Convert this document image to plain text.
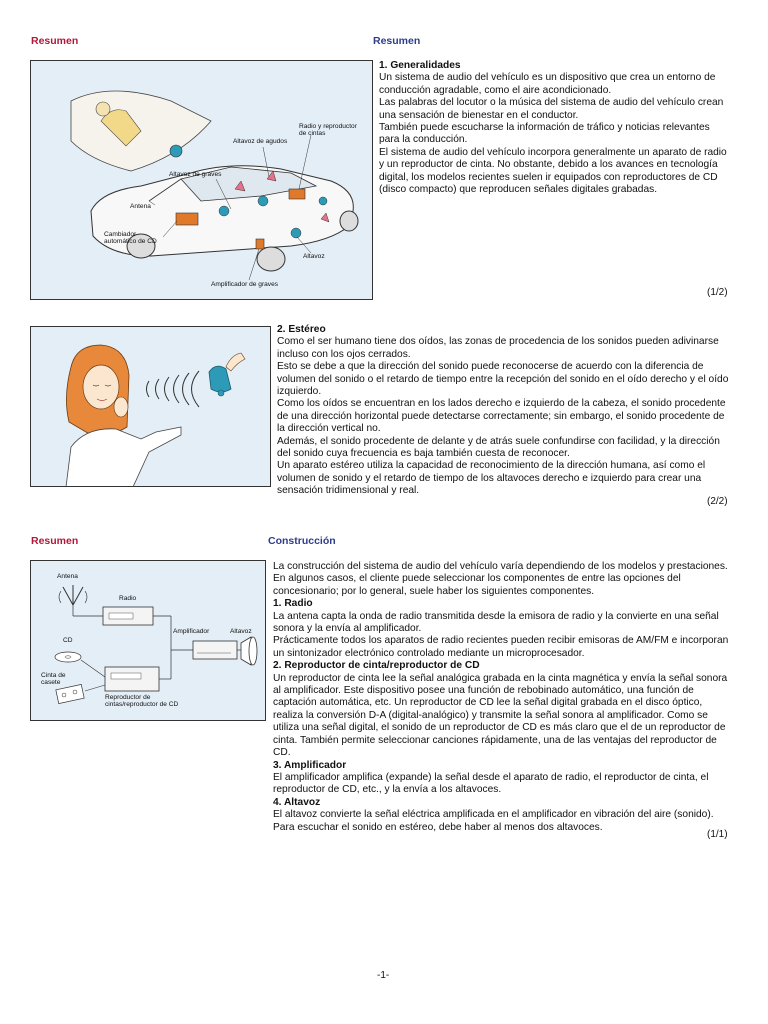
Resumen	Resumen
Radio y reproductor
de cintas
Altavoz de agudos
Altavoz de graves
Antena
Cambiador
automático de CD
Altavoz
Amplificador de graves

1. Generalidades

Un sistema de audio del vehículo es un dispositivo que crea un entorno de conducción agradable, como el aire acondicionado.

Las palabras del locutor o la música del sistema de audio del vehículo crean una sensación de bienestar en el conductor.

También puede escucharse la información de tráfico y noticias relevantes para la conducción.

El sistema de audio del vehículo incorpora generalmente un aparato de radio y un reproductor de cinta. No obstante, debido a los avances en tecnología digital, los modelos recientes suelen ir equipados con reproductores de CD (disco compacto) que reproducen señales digitales grabadas.

(1/2)

2. Estéreo

Como el ser humano tiene dos oídos, las zonas de procedencia de los sonidos pueden adivinarse incluso con los ojos cerrados.

Esto se debe a que la dirección del sonido puede reconocerse de acuerdo con la diferencia de volumen del sonido o el retardo de tiempo entre la recepción del sonido en el oído derecho y el oído izquierdo.

Como los oídos se encuentran en los lados derecho e izquierdo de la cabeza, el sonido procedente de una dirección horizontal puede detectarse correctamente; sin embargo, el sonido procedente de la dirección vertical no.

Además, el sonido procedente de delante y de atrás suele confundirse con facilidad, y la dirección del sonido cuya frecuencia es baja también cuesta de reconocer.

Un aparato estéreo utiliza la capacidad de reconocimiento de la dirección humana, así como el volumen de sonido y el retardo de tiempo de los altavoces derecho e izquierdo para crear una sensación tridimensional y real.

(2/2)
Resumen	Construcción
Antena
Radio
Amplificador	Altavoz
CD
Cinta de
casete
Reproductor de
cintas/reproductor de CD

La construcción del sistema de audio del vehículo varía dependiendo de los modelos y prestaciones. En algunos casos, el cliente puede seleccionar los componentes de entre las opciones del concesionario; por lo general, suele haber los siguientes componentes.

1. Radio

La antena capta la onda de radio transmitida desde la emisora de radio y la convierte en una señal sonora y la envía al amplificador.
Prácticamente todos los aparatos de radio recientes pueden recibir emisoras de AM/FM e incorporan un sintonizador electrónico controlado mediante un microprocesador.

2. Reproductor de cinta/reproductor de CD

Un reproductor de cinta lee la señal analógica grabada en la cinta magnética y envía la señal sonora al amplificador. Este dispositivo posee una función de rebobinado automático, una función de captación automática, etc. Un reproductor de CD lee la señal digital grabada en el disco óptico, realiza la conversión D-A (digital-analógico) y transmite la señal sonora al amplificador. Como se utiliza una señal digital, el sonido de un reproductor de CD es más claro que el de un reproductor de cinta. También permite seleccionar canciones rápidamente, una de las ventajas del reproductor de CD.

3. Amplificador

El amplificador amplifica (expande) la señal desde el aparato de radio, el reproductor de cinta, el reproductor de CD, etc., y la envía a los altavoces.

4. Altavoz

El altavoz convierte la señal eléctrica amplificada en el amplificador en vibración del aire (sonido). Para escuchar el sonido en estéreo, debe haber al menos dos altavoces.

(1/1)
-1-
